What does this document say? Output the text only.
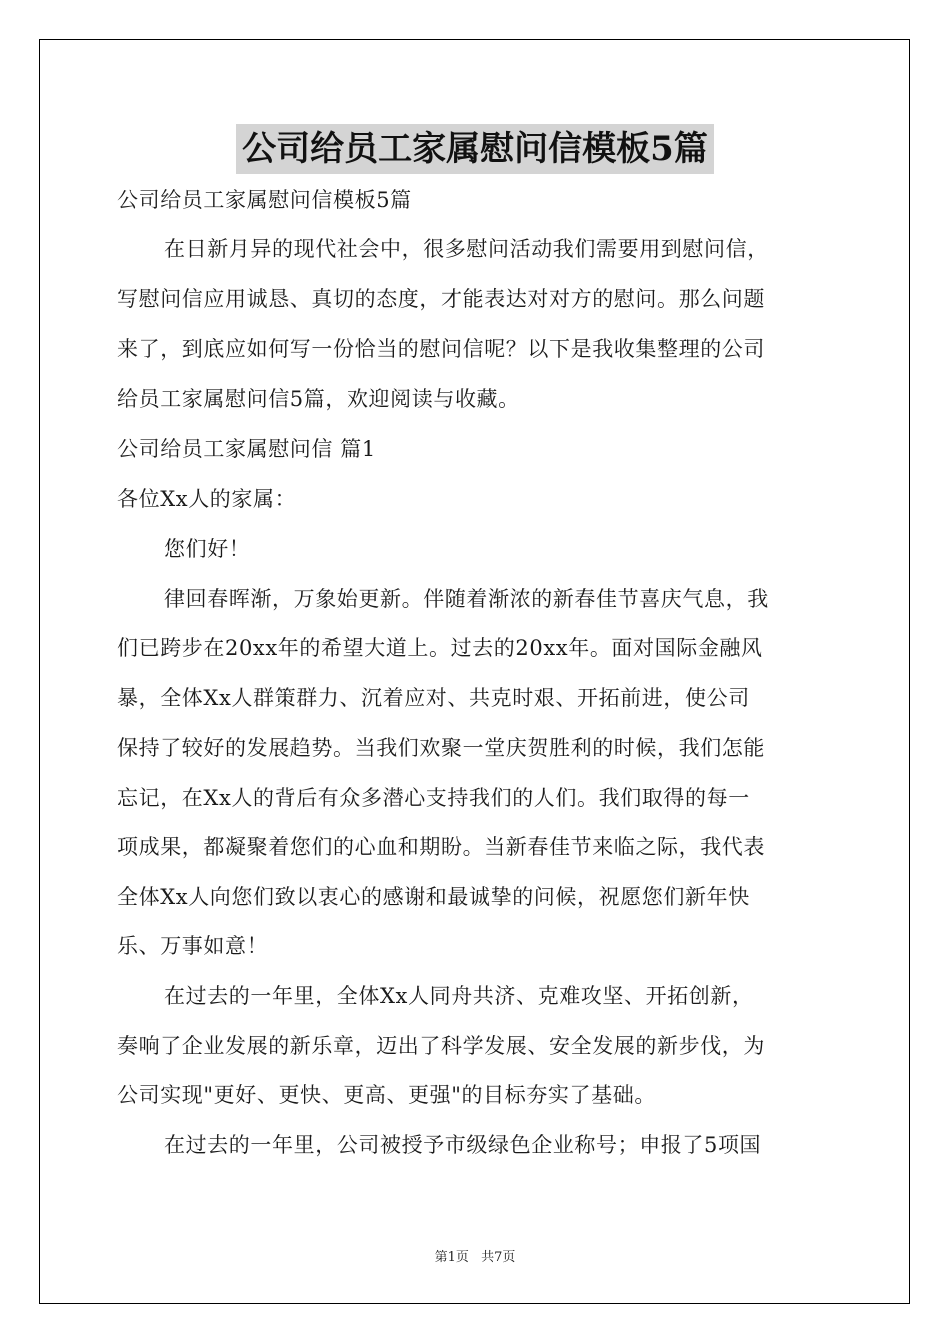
公司给员工家属慰问信模板5篇
公司给员工家属慰问信模板5篇
在日新月异的现代社会中，很多慰问活动我们需要用到慰问信，
写慰问信应用诚恳、真切的态度，才能表达对对方的慰问。那么问题
来了，到底应如何写一份恰当的慰问信呢？以下是我收集整理的公司
给员工家属慰问信5篇，欢迎阅读与收藏。
公司给员工家属慰问信 篇1
各位Xx人的家属：
您们好！
律回春晖渐，万象始更新。伴随着渐浓的新春佳节喜庆气息，我
们已跨步在20xx年的希望大道上。过去的20xx年。面对国际金融风
暴，全体Xx人群策群力、沉着应对、共克时艰、开拓前进，使公司
保持了较好的发展趋势。当我们欢聚一堂庆贺胜利的时候，我们怎能
忘记，在Xx人的背后有众多潜心支持我们的人们。我们取得的每一
项成果，都凝聚着您们的心血和期盼。当新春佳节来临之际，我代表
全体Xx人向您们致以衷心的感谢和最诚挚的问候，祝愿您们新年快
乐、万事如意！
在过去的一年里，全体Xx人同舟共济、克难攻坚、开拓创新，
奏响了企业发展的新乐章，迈出了科学发展、安全发展的新步伐，为
公司实现"更好、更快、更高、更强"的目标夯实了基础。
在过去的一年里，公司被授予市级绿色企业称号；申报了5项国
第1页 共7页
